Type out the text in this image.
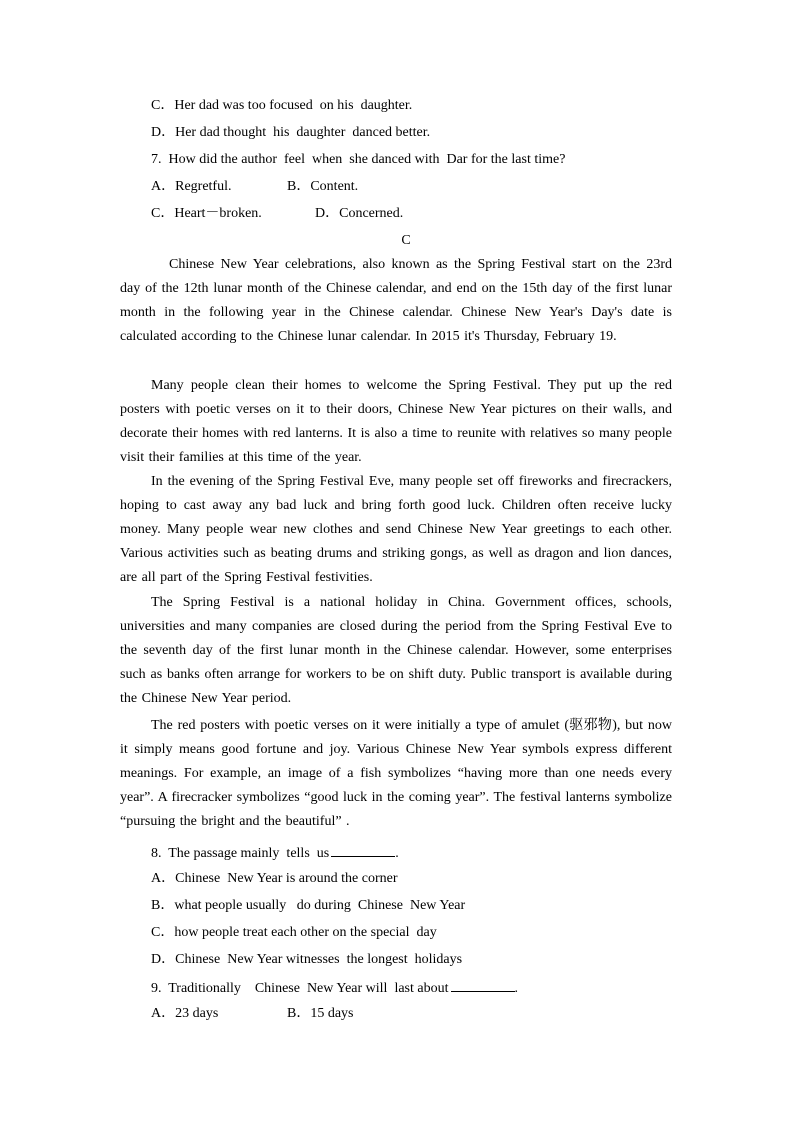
C．Her dad was too focused  on his  daughter.
D．Her dad thought  his  daughter  danced better.
7.  How did the author  feel  when  she danced with  Dar for the last time?
A．Regretful.	B．Content.
C．Heart－broken.	D．Concerned.
C

Chinese New Year celebrations, also known as the Spring Festival start on the 23rd day of the 12th lunar month of the Chinese calendar, and end on the 15th day of the first lunar month in the following year in the Chinese calendar. Chinese New Year's Day's date is calculated according to the Chinese lunar calendar. In 2015 it's Thursday, February 19.

Many people clean their homes to welcome the Spring Festival. They put up the red posters with poetic verses on it to their doors, Chinese New Year pictures on their walls, and decorate their homes with red lanterns. It is also a time to reunite with relatives so many people visit their families at this time of the year.

In the evening of the Spring Festival Eve, many people set off fireworks and firecrackers, hoping to cast away any bad luck and bring forth good luck. Children often receive lucky money. Many people wear new clothes and send Chinese New Year greetings to each other. Various activities such as beating drums and striking gongs, as well as dragon and lion dances, are all part of the Spring Festival festivities.

The Spring Festival is a national holiday in China. Government offices, schools, universities and many companies are closed during the period from the Spring Festival Eve to the seventh day of the first lunar month in the Chinese calendar. However, some enterprises such as banks often arrange for workers to be on shift duty. Public transport is available during the Chinese New Year period.

The red posters with poetic verses on it were initially a type of amulet (驱邪物), but now it simply means good fortune and joy. Various Chinese New Year symbols express different meanings. For example, an image of a fish symbolizes “having more than one needs every year”. A firecracker symbolizes “good luck in the coming year”. The festival lanterns symbolize “pursuing the bright and the beautiful” .

8.  The passage mainly  tells  us	.
A．Chinese  New Year is around the corner
B．what people usually   do during  Chinese  New Year
C．how people treat each other on the special  day
D．Chinese  New Year witnesses  the longest  holidays
9.  Traditionally    Chinese  New Year will  last about	.
A．23 days	B．15 days
